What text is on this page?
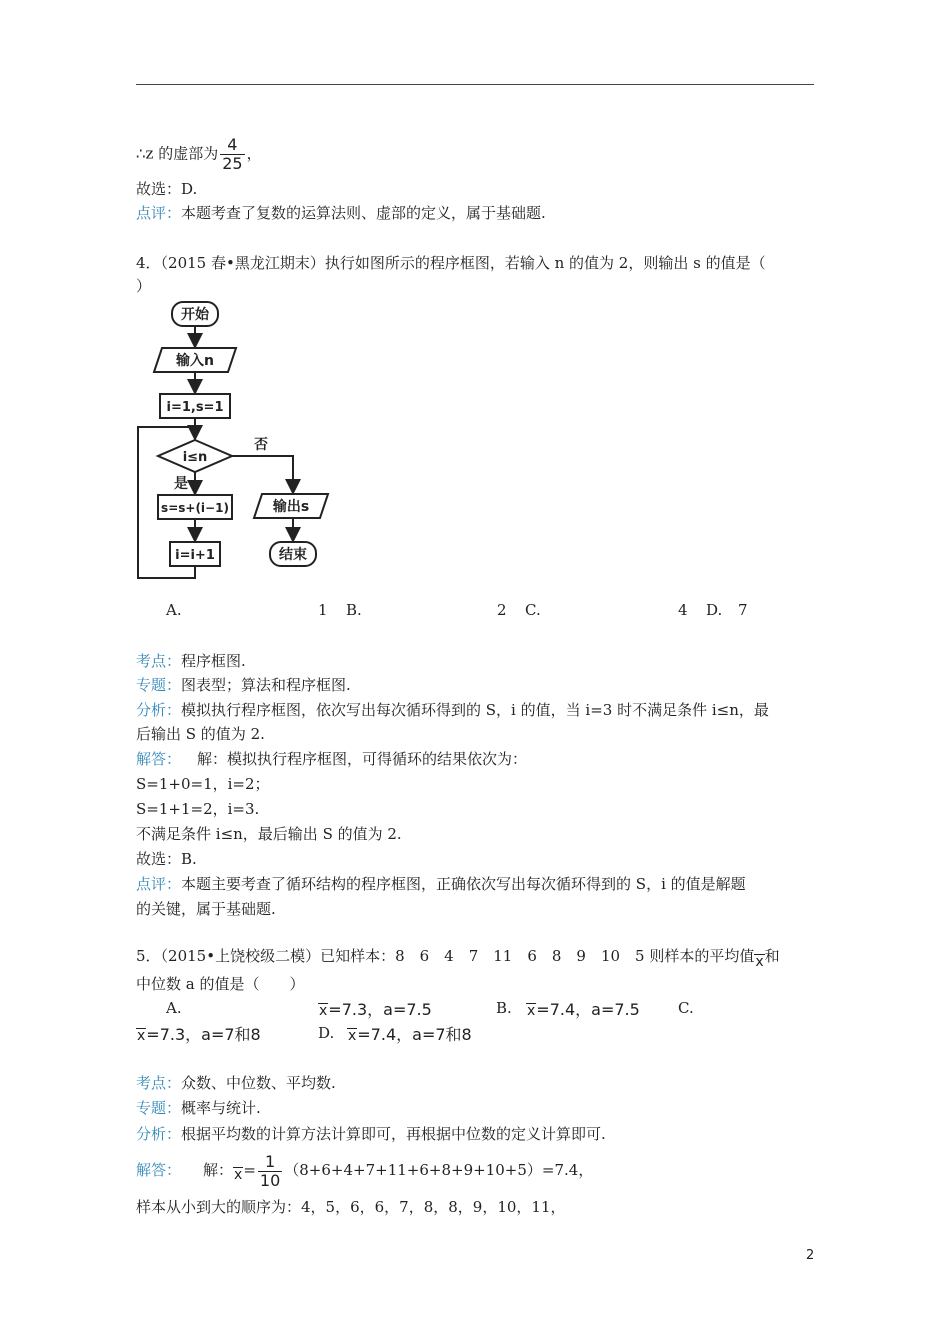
∴z 的虚部为 $\frac{4}{25}$ ，
故选：D.
点评：本题考查了复数的运算法则、虚部的定义，属于基础题.
4．（2015 春•黑龙江期末）执行如图所示的程序框图，若输入 n 的值为 2，则输出 s 的值是（
）
开始
输入n
i=1,s=1
i≤n
否
是
s=s+(i−1)	输出s
i=i+1	结束
A.	1 B.	2 C.	4 D. 7
考点：程序框图.
专题：图表型；算法和程序框图.
分析：模拟执行程序框图，依次写出每次循环得到的 S，i 的值，当 i=3 时不满足条件 i≤n，最
后输出 S 的值为 2.
解答： 解：模拟执行程序框图，可得循环的结果依次为：
S=1+0=1，i=2；
S=1+1=2，i=3.
不满足条件 i≤n，最后输出 S 的值为 2.
故选：B.
点评：本题主要考查了循环结构的程序框图，正确依次写出每次循环得到的 S，i 的值是解题
的关键，属于基础题.
5．（2015•上饶校级二模）已知样本：8　6　4　7　11　6　8　9　10　5 则样本的平均值x和
中位数 a 的值是（　　）
A.	x=7.3，a=7.5	B. x=7.4，a=7.5	C.
x=7.3，a=7和8	D. x=7.4，a=7和8
考点：众数、中位数、平均数.
专题：概率与统计.
分析：根据平均数的计算方法计算即可，再根据中位数的定义计算即可.
解答： 解：$x= \frac{1}{10} (8+6+4+7+11+6+8+9+10+5)=7.4$，
样本从小到大的顺序为：4，5，6，6，7，8，8，9，10，11，
2
